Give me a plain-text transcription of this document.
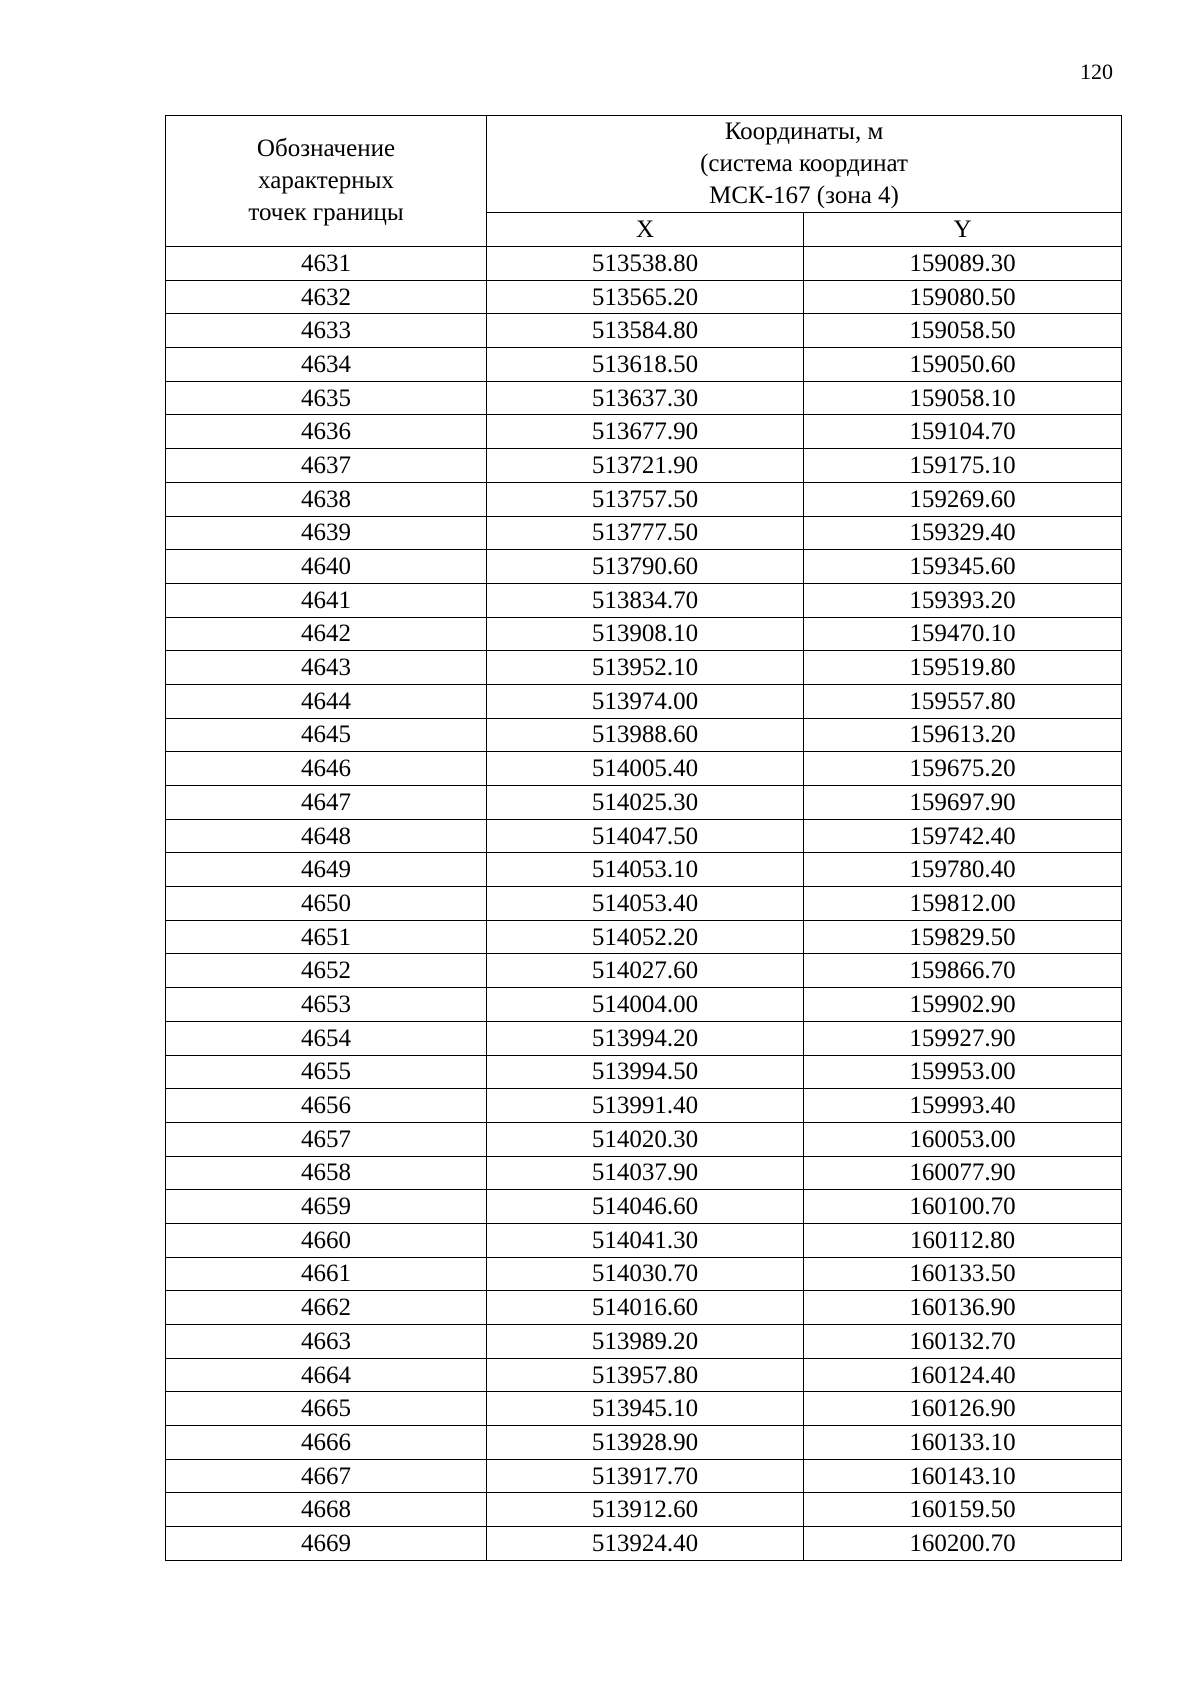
120
Обозначение
характерных
точек границы	Координаты, м
(система координат
МСК-167 (зона 4)	

	X	Y
4631	513538.80	159089.30
4632	513565.20	159080.50
4633	513584.80	159058.50
4634	513618.50	159050.60
4635	513637.30	159058.10
4636	513677.90	159104.70
4637	513721.90	159175.10
4638	513757.50	159269.60
4639	513777.50	159329.40
4640	513790.60	159345.60
4641	513834.70	159393.20
4642	513908.10	159470.10
4643	513952.10	159519.80
4644	513974.00	159557.80
4645	513988.60	159613.20
4646	514005.40	159675.20
4647	514025.30	159697.90
4648	514047.50	159742.40
4649	514053.10	159780.40
4650	514053.40	159812.00
4651	514052.20	159829.50
4652	514027.60	159866.70
4653	514004.00	159902.90
4654	513994.20	159927.90
4655	513994.50	159953.00
4656	513991.40	159993.40
4657	514020.30	160053.00
4658	514037.90	160077.90
4659	514046.60	160100.70
4660	514041.30	160112.80
4661	514030.70	160133.50
4662	514016.60	160136.90
4663	513989.20	160132.70
4664	513957.80	160124.40
4665	513945.10	160126.90
4666	513928.90	160133.10
4667	513917.70	160143.10
4668	513912.60	160159.50
4669	513924.40	160200.70
